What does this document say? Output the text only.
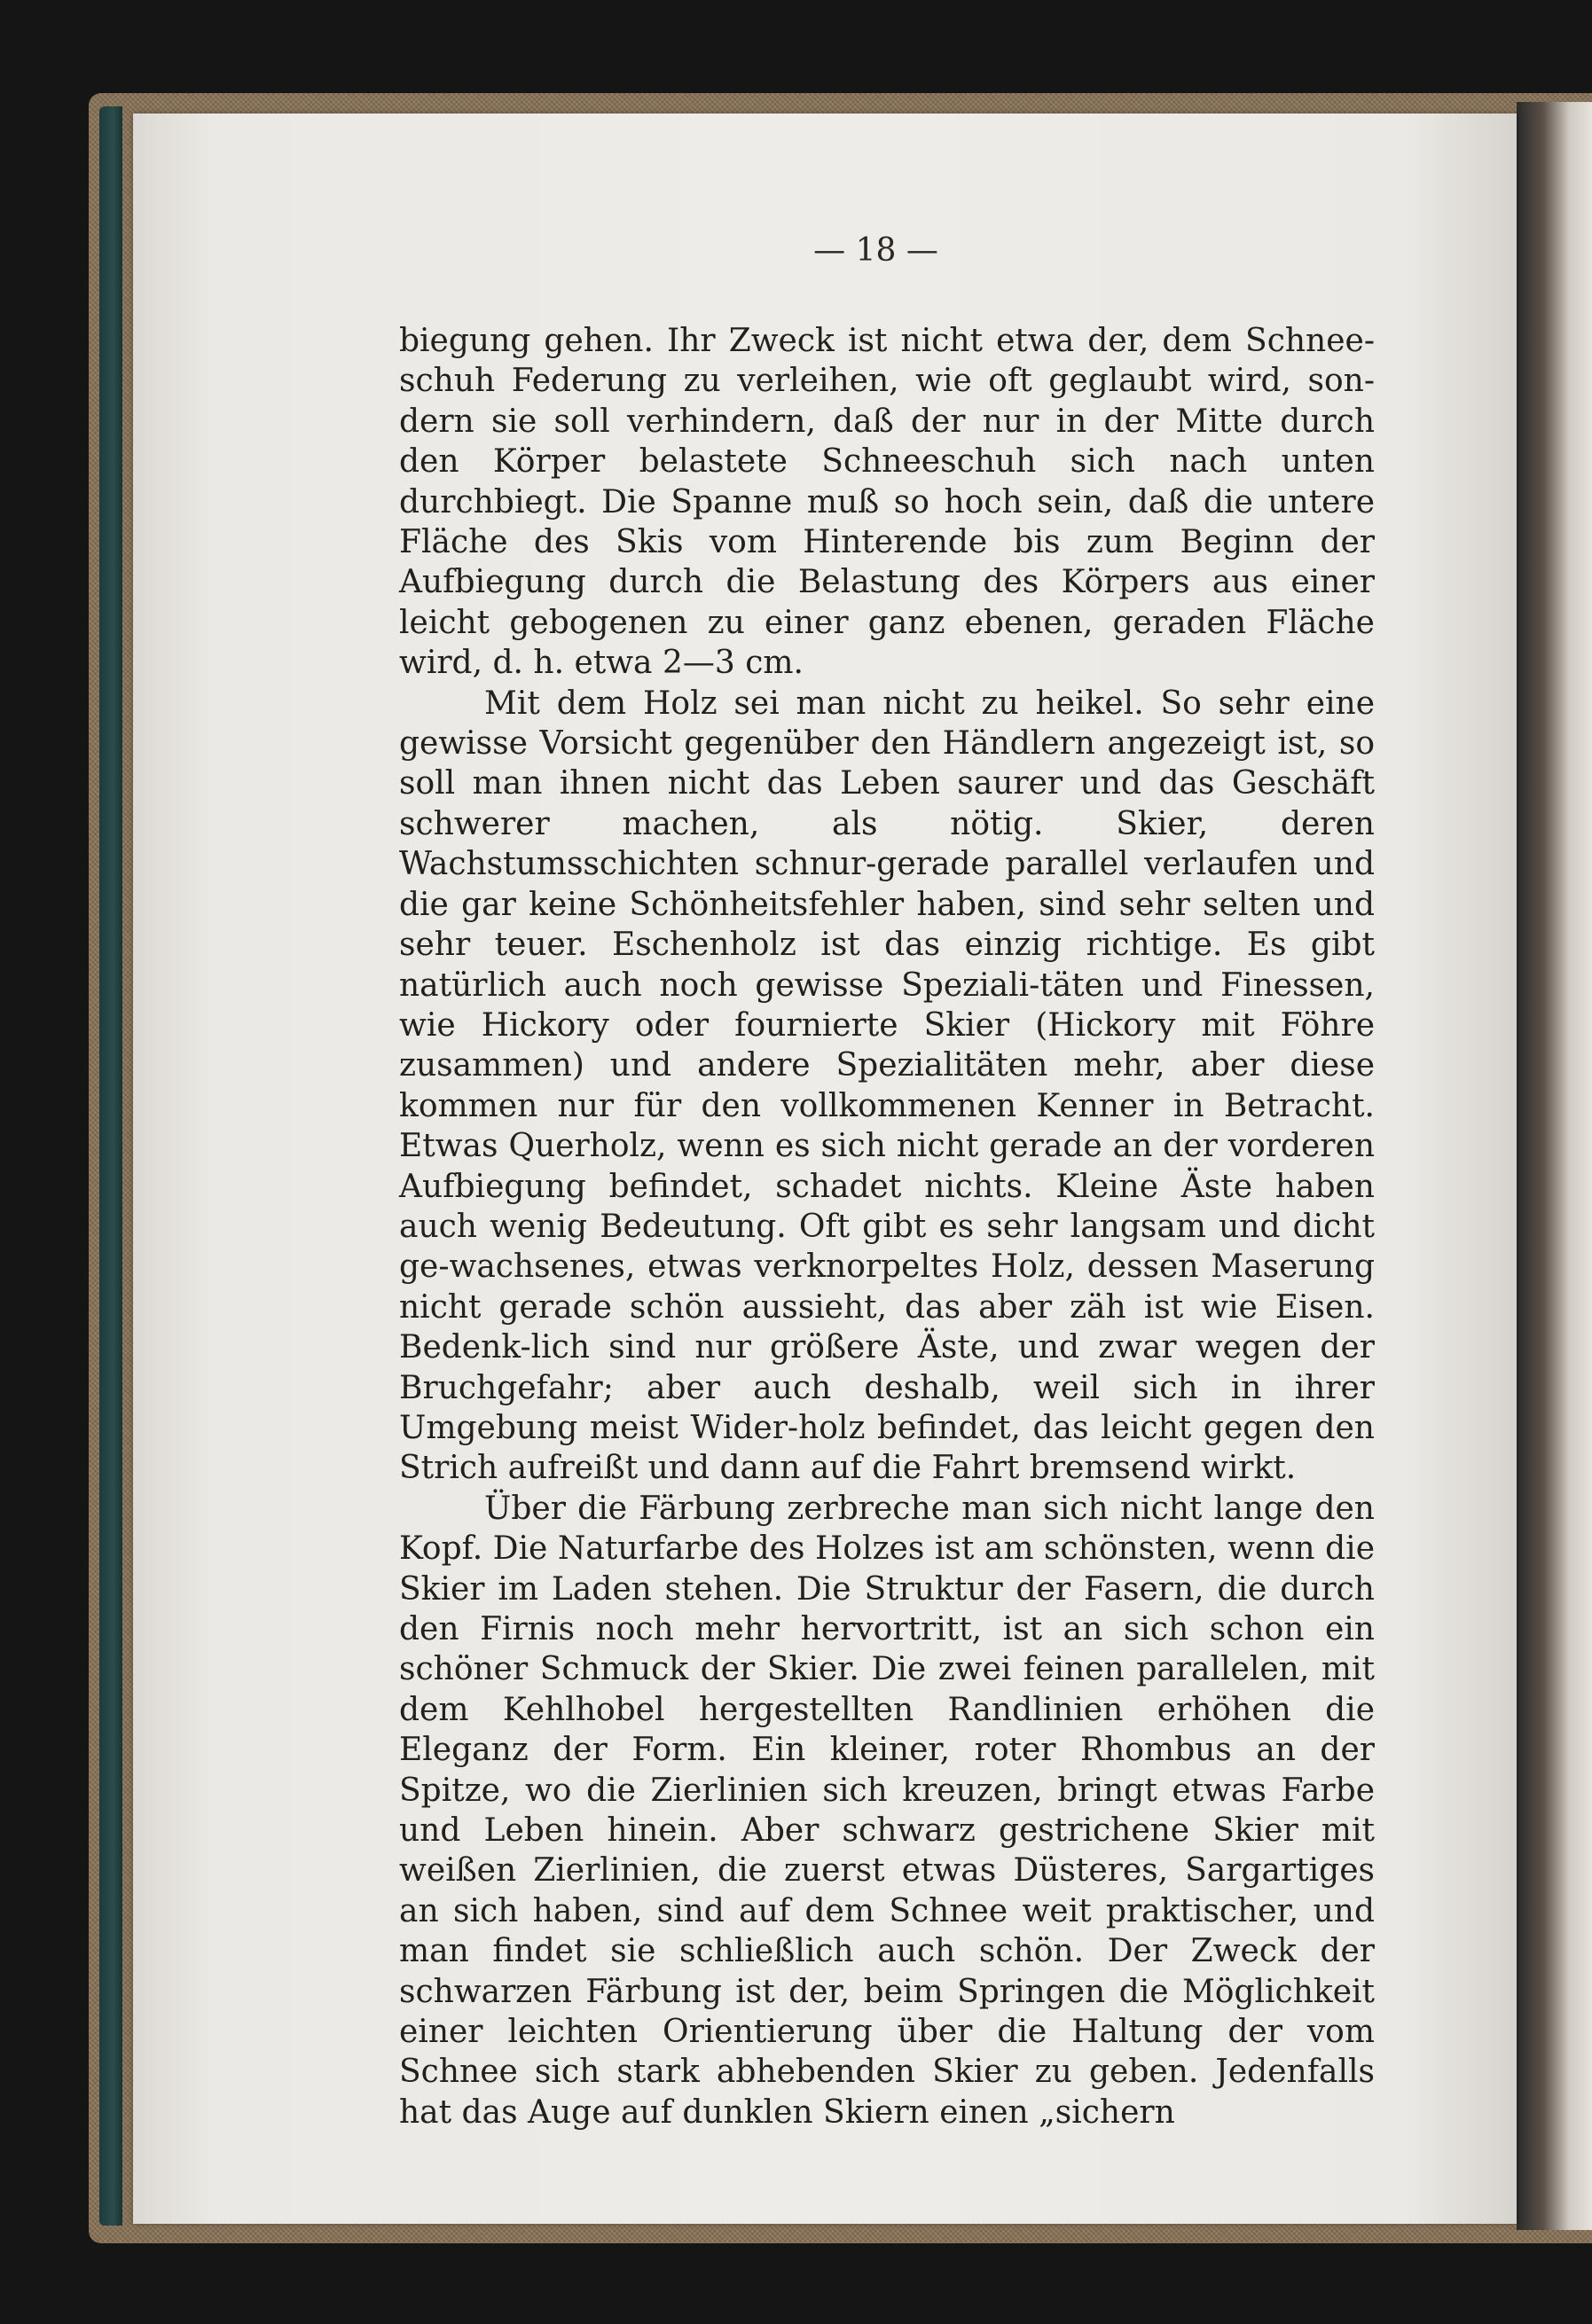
— 18 —

biegung gehen. Ihr Zweck ist nicht etwa der, dem Schnee-schuh Federung zu verleihen, wie oft geglaubt wird, son-dern sie soll verhindern, daß der nur in der Mitte durch den Körper belastete Schneeschuh sich nach unten durchbiegt. Die Spanne muß so hoch sein, daß die untere Fläche des Skis vom Hinterende bis zum Beginn der Aufbiegung durch die Belastung des Körpers aus einer leicht gebogenen zu einer ganz ebenen, geraden Fläche wird, d. h. etwa 2—3 cm.

Mit dem Holz sei man nicht zu heikel. So sehr eine gewisse Vorsicht gegenüber den Händlern angezeigt ist, so soll man ihnen nicht das Leben saurer und das Geschäft schwerer machen, als nötig. Skier, deren Wachstumsschichten schnur-gerade parallel verlaufen und die gar keine Schönheitsfehler haben, sind sehr selten und sehr teuer. Eschenholz ist das einzig richtige. Es gibt natürlich auch noch gewisse Speziali-täten und Finessen, wie Hickory oder fournierte Skier (Hickory mit Föhre zusammen) und andere Spezialitäten mehr, aber diese kommen nur für den vollkommenen Kenner in Betracht. Etwas Querholz, wenn es sich nicht gerade an der vorderen Aufbiegung befindet, schadet nichts. Kleine Äste haben auch wenig Bedeutung. Oft gibt es sehr langsam und dicht ge-wachsenes, etwas verknorpeltes Holz, dessen Maserung nicht gerade schön aussieht, das aber zäh ist wie Eisen. Bedenk-lich sind nur größere Äste, und zwar wegen der Bruchgefahr; aber auch deshalb, weil sich in ihrer Umgebung meist Wider-holz befindet, das leicht gegen den Strich aufreißt und dann auf die Fahrt bremsend wirkt.

Über die Färbung zerbreche man sich nicht lange den Kopf. Die Naturfarbe des Holzes ist am schönsten, wenn die Skier im Laden stehen. Die Struktur der Fasern, die durch den Firnis noch mehr hervortritt, ist an sich schon ein schöner Schmuck der Skier. Die zwei feinen parallelen, mit dem Kehlhobel hergestellten Randlinien erhöhen die Eleganz der Form. Ein kleiner, roter Rhombus an der Spitze, wo die Zierlinien sich kreuzen, bringt etwas Farbe und Leben hinein. Aber schwarz gestrichene Skier mit weißen Zierlinien, die zuerst etwas Düsteres, Sargartiges an sich haben, sind auf dem Schnee weit praktischer, und man findet sie schließlich auch schön. Der Zweck der schwarzen Färbung ist der, beim Springen die Möglichkeit einer leichten Orientierung über die Haltung der vom Schnee sich stark abhebenden Skier zu geben. Jedenfalls hat das Auge auf dunklen Skiern einen „sichern
